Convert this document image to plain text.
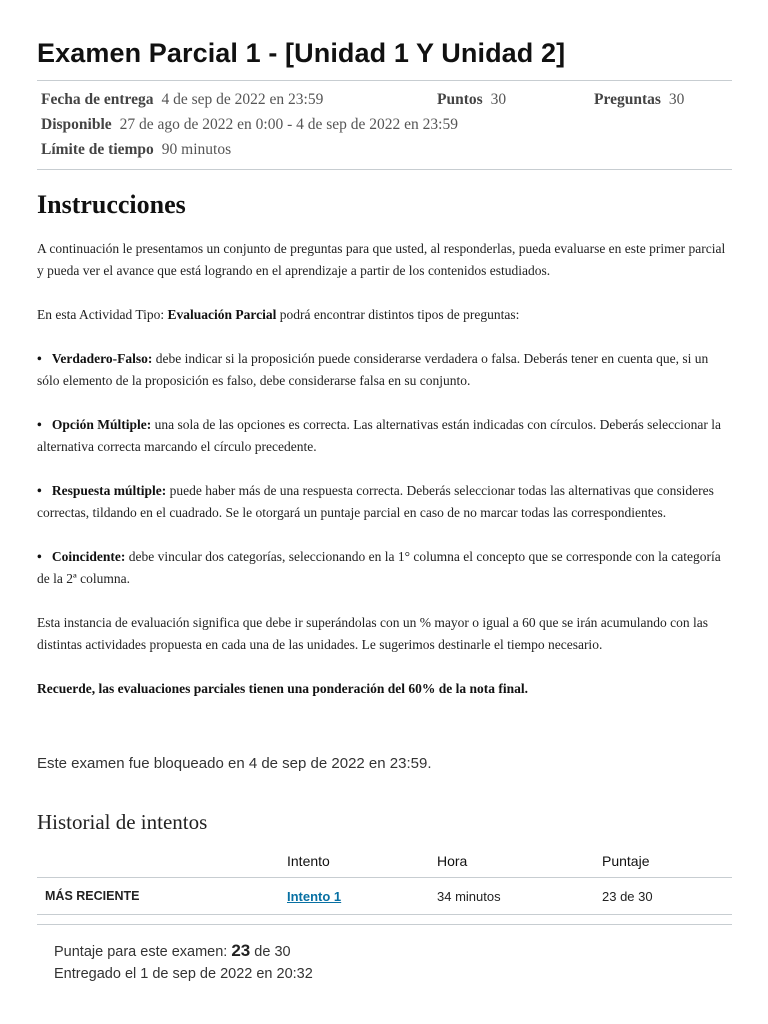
Examen Parcial 1 - [Unidad 1 Y Unidad 2]
Fecha de entrega 4 de sep de 2022 en 23:59	Puntos 30	Preguntas 30
Disponible 27 de ago de 2022 en 0:00 - 4 de sep de 2022 en 23:59
Límite de tiempo 90 minutos
Instrucciones

A continuación le presentamos un conjunto de preguntas para que usted, al responderlas, pueda evaluarse en este primer parcial y pueda ver el avance que está logrando en el aprendizaje a partir de los contenidos estudiados.

En esta Actividad Tipo: Evaluación Parcial podrá encontrar distintos tipos de preguntas:

• Verdadero-Falso: debe indicar si la proposición puede considerarse verdadera o falsa. Deberás tener en cuenta que, si un sólo elemento de la proposición es falso, debe considerarse falsa en su conjunto.

• Opción Múltiple: una sola de las opciones es correcta. Las alternativas están indicadas con círculos. Deberás seleccionar la alternativa correcta marcando el círculo precedente.

• Respuesta múltiple: puede haber más de una respuesta correcta. Deberás seleccionar todas las alternativas que consideres correctas, tildando en el cuadrado. Se le otorgará un puntaje parcial en caso de no marcar todas las correspondientes.

• Coincidente: debe vincular dos categorías, seleccionando en la 1° columna el concepto que se corresponde con la categoría de la 2ª columna.

Esta instancia de evaluación significa que debe ir superándolas con un % mayor o igual a 60 que se irán acumulando con las distintas actividades propuesta en cada una de las unidades. Le sugerimos destinarle el tiempo necesario.

Recuerde, las evaluaciones parciales tienen una ponderación del 60% de la nota final.

Este examen fue bloqueado en 4 de sep de 2022 en 23:59.
Historial de intentos
	Intento	Hora	Puntaje
MÁS RECIENTE	Intento 1	34 minutos	23 de 30
Puntaje para este examen: 23 de 30
Entregado el 1 de sep de 2022 en 20:32
